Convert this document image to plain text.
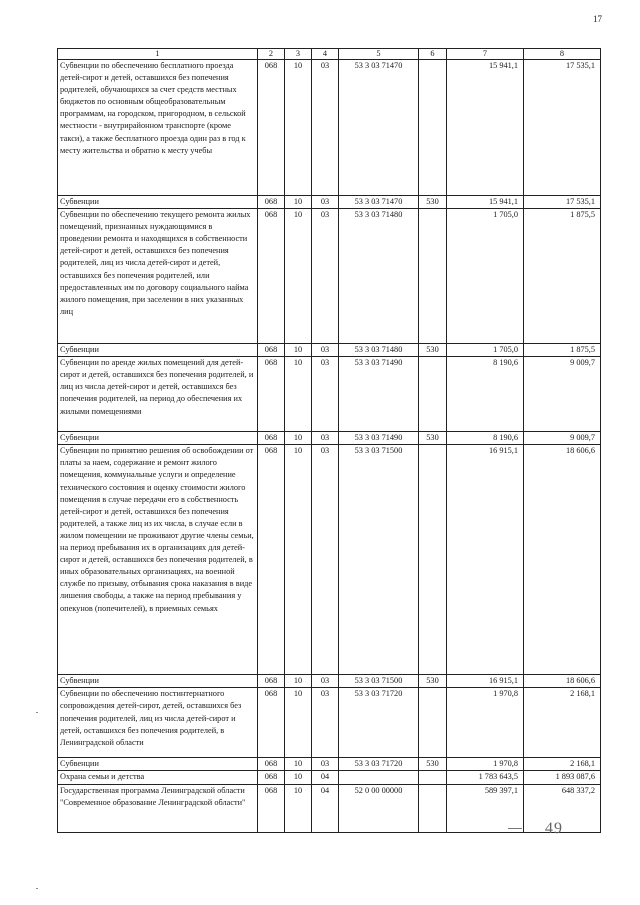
17
1	2	3	4	5	6	7	8
Субвенции по обеспечению бесплатного проезда детей-сирот и детей, оставшихся без попечения родителей, обучающихся за счет средств местных бюджетов по основным общеобразовательным программам, на городском, пригородном, в сельской местности - внутрирайонном транспорте (кроме такси), а также бесплатного проезда один раз в год к месту жительства и обратно к месту учебы	068	10	03	53 3 03 71470		15 941,1	17 535,1
Субвенции	068	10	03	53 3 03 71470	530	15 941,1	17 535,1
Субвенции по обеспечению текущего ремонта жилых помещений, признанных нуждающимися в проведении ремонта и находящихся в собственности детей-сирот и детей, оставшихся без попечения родителей, лиц из числа детей-сирот и детей, оставшихся без попечения родителей, или предоставленных им по договору социального найма жилого помещения, при заселении в них указанных лиц	068	10	03	53 3 03 71480		1 705,0	1 875,5
Субвенции	068	10	03	53 3 03 71480	530	1 705,0	1 875,5
Субвенции по аренде жилых помещений для детей-сирот и детей, оставшихся без попечения родителей, и лиц из числа детей-сирот и детей, оставшихся без попечения родителей, на период до обеспечения их жилыми помещениями	068	10	03	53 3 03 71490		8 190,6	9 009,7
Субвенции	068	10	03	53 3 03 71490	530	8 190,6	9 009,7
Субвенции по принятию решения об освобождении от платы за наем, содержание и ремонт жилого помещения, коммунальные услуги и определение технического состояния и оценку стоимости жилого помещения в случае передачи его в собственность детей-сирот и детей, оставшихся без попечения родителей, а также лиц из их числа, в случае если в жилом помещении не проживают другие члены семьи, на период пребывания их в организациях для детей-сирот и детей, оставшихся без попечения родителей, в иных образовательных организациях, на военной службе по призыву, отбывания срока наказания в виде лишения свободы, а также на период пребывания у опекунов (попечителей), в приемных семьях	068	10	03	53 3 03 71500		16 915,1	18 606,6
Субвенции	068	10	03	53 3 03 71500	530	16 915,1	18 606,6
Субвенции по обеспечению постинтернатного сопровождения детей-сирот, детей, оставшихся без попечения родителей, лиц из числа детей-сирот и детей, оставшихся без попечения родителей, в Ленинградской области	068	10	03	53 3 03 71720		1 970,8	2 168,1
Субвенции	068	10	03	53 3 03 71720	530	1 970,8	2 168,1
Охрана семьи и детства	068	10	04			1 783 643,5	1 893 087,6
Государственная программа Ленинградской области "Современное образование Ленинградской области"	068	10	04	52 0 00 00000		589 397,1	648 337,2
49
